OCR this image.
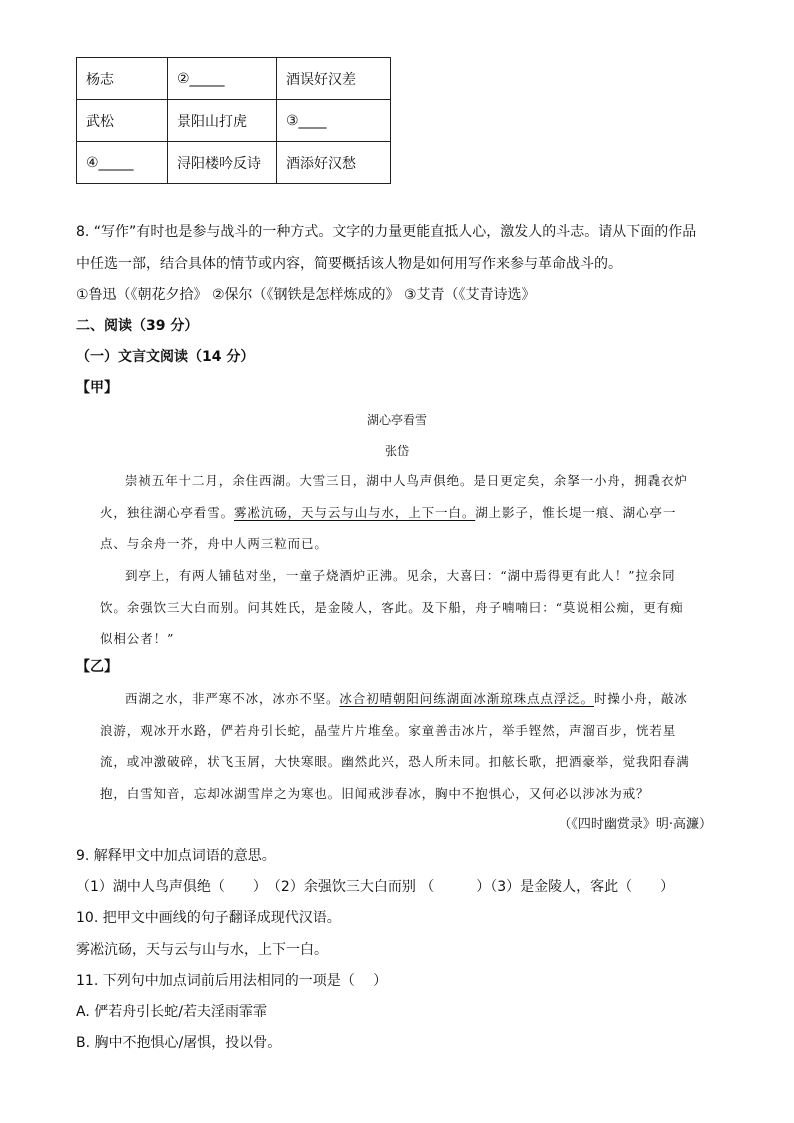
杨志	②_____	酒误好汉差
武松	景阳山打虎	③____
④_____	浔阳楼吟反诗	酒添好汉愁
8. “写作”有时也是参与战斗的一种方式。文字的力量更能直抵人心，激发人的斗志。请从下面的作品
中任选一部，结合具体的情节或内容，简要概括该人物是如何用写作来参与革命战斗的。
①鲁迅（《朝花夕拾》 ②保尔（《钢铁是怎样炼成的》 ③艾青（《艾青诗选》
二、阅读（39 分）
（一）文言文阅读（14 分）
【甲】
湖心亭看雪
张岱

崇祯五年十二月，余住西湖。大雪三日，湖中人鸟声俱绝。是日更定矣，余拏一小舟，拥毳衣炉火，独往湖心亭看雪。雾凇沆砀，天与云与山与水，上下一白。湖上影子，惟长堤一痕、湖心亭一点、与余舟一芥，舟中人两三粒而已。

到亭上，有两人铺毡对坐，一童子烧酒炉正沸。见余，大喜曰：“湖中焉得更有此人！”拉余同饮。余强饮三大白而别。问其姓氏，是金陵人，客此。及下船，舟子喃喃曰：“莫说相公痴，更有痴似相公者！”

【乙】

西湖之水，非严寒不冰，冰亦不坚。冰合初晴朝阳问练湖面冰渐琼珠点点浮泛。时操小舟，敲冰浪游，观冰开水路，俨若舟引长蛇，晶莹片片堆垒。家童善击冰片，举手铿然，声溜百步，恍若星流，或冲激破碎，状飞玉屑，大快寒眼。幽然此兴，恐人所未同。扣舷长歌，把酒豪举，觉我阳春满抱，白雪知音，忘却冰湖雪岸之为寒也。旧闻戒涉春冰，胸中不抱惧心，又何必以涉冰为戒？

（《四时幽赏录》明·高濂）
9. 解释甲文中加点词语的意思。
（1）湖中人鸟声俱绝（　　）　（2）余强饮三大白而别 （　　　）（3）是金陵人，客此（　　）
10. 把甲文中画线的句子翻译成现代汉语。
雾凇沆砀，天与云与山与水，上下一白。
11. 下列句中加点词前后用法相同的一项是（　 ）
A. 俨若舟引长蛇/若夫淫雨霏霏
B. 胸中不抱惧心/屠惧，投以骨。
